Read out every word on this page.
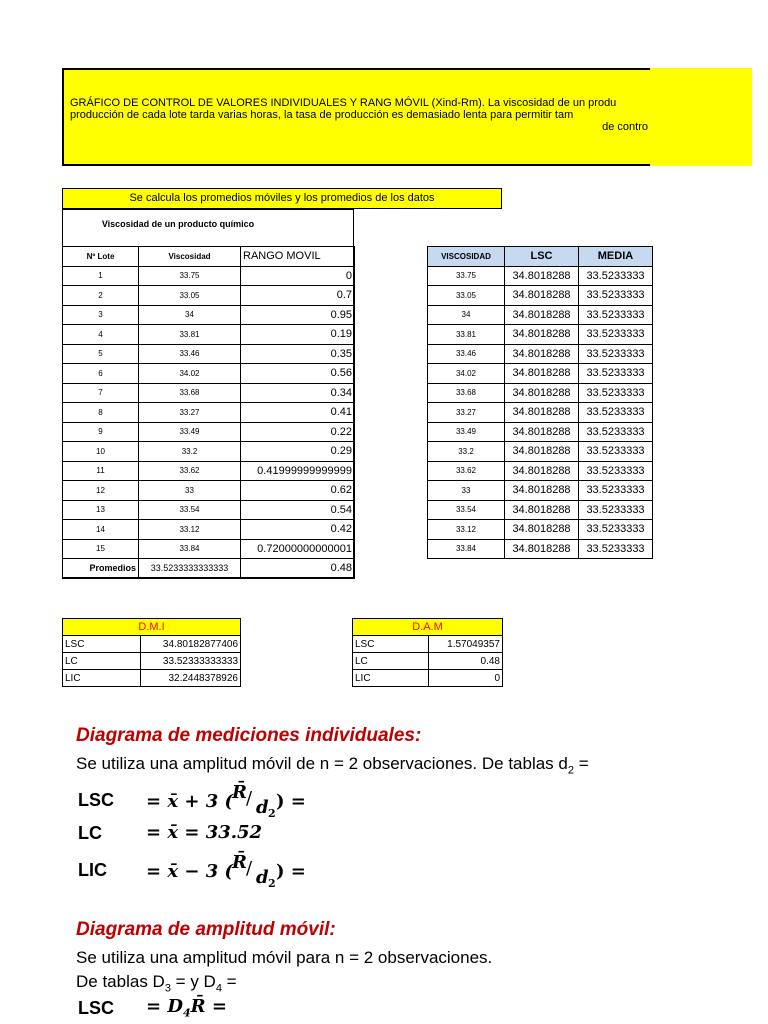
GRÁFICO DE CONTROL DE VALORES INDIVIDUALES Y RANG MÓVIL (Xind-Rm). La viscosidad de un produ
producción de cada lote tarda varias horas, la tasa de producción es demasiado lenta para permitir tam
de contro
Se calcula los promedios móviles y los promedios de los datos
Viscosidad de un producto químico
Nº Lote	Viscosidad	RANGO MOVIL
1	33.75	0
2	33.05	0.7
3	34	0.95
4	33.81	0.19
5	33.46	0.35
6	34.02	0.56
7	33.68	0.34
8	33.27	0.41
9	33.49	0.22
10	33.2	0.29
11	33.62	0.41999999999999
12	33	0.62
13	33.54	0.54
14	33.12	0.42
15	33.84	0.72000000000001
Promedios	33.5233333333333	0.48
VISCOSIDAD	LSC	MEDIA
33.75	34.8018288	33.5233333
33.05	34.8018288	33.5233333
34	34.8018288	33.5233333
33.81	34.8018288	33.5233333
33.46	34.8018288	33.5233333
34.02	34.8018288	33.5233333
33.68	34.8018288	33.5233333
33.27	34.8018288	33.5233333
33.49	34.8018288	33.5233333
33.2	34.8018288	33.5233333
33.62	34.8018288	33.5233333
33	34.8018288	33.5233333
33.54	34.8018288	33.5233333
33.12	34.8018288	33.5233333
33.84	34.8018288	33.5233333
D.M.I	
LSC	34.80182877406
LC	33.52333333333
LIC	32.2448378926
D.A.M	
LSC	1.57049357
LC	0.48
LIC	0
Diagrama de mediciones individuales:
Se utiliza una amplitud móvil de n = 2 observaciones. De tablas $d_2$ =
LSC = x̄ + 3 (
R̄ / d 2
) =
LC = x̄ = 33.52
LIC = x̄ − 3 (
R̄ / d 2
) =
Diagrama de amplitud móvil:
Se utiliza una amplitud móvil para n = 2 observaciones.
De tablas $D_3 = y$ $D_4$ =
LSC = $D_4R̄$ =
